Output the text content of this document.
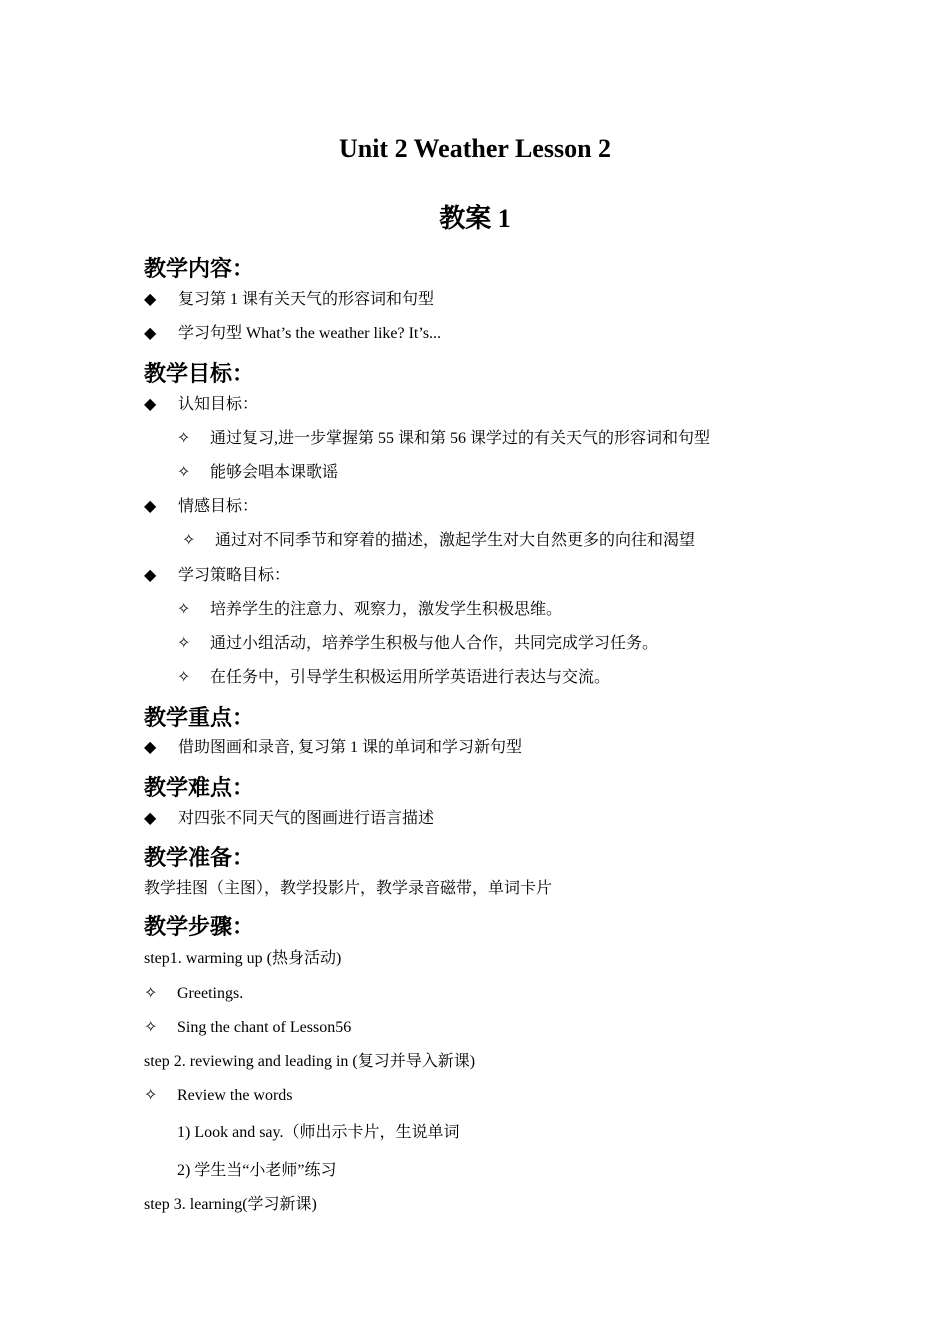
Unit 2 Weather Lesson 2
教案 1
教学内容：
◆ 复习第 1 课有关天气的形容词和句型
◆ 学习句型 What’s the weather like? It’s...
教学目标：
◆ 认知目标：
✧ 通过复习,进一步掌握第 55 课和第 56 课学过的有关天气的形容词和句型
✧ 能够会唱本课歌谣
◆ 情感目标：
✧ 通过对不同季节和穿着的描述，激起学生对大自然更多的向往和渴望
◆ 学习策略目标：
✧ 培养学生的注意力、观察力，激发学生积极思维。
✧ 通过小组活动，培养学生积极与他人合作，共同完成学习任务。
✧ 在任务中，引导学生积极运用所学英语进行表达与交流。
教学重点：
◆ 借助图画和录音, 复习第 1 课的单词和学习新句型
教学难点：
◆ 对四张不同天气的图画进行语言描述
教学准备：
教学挂图（主图），教学投影片，教学录音磁带，单词卡片
教学步骤：
step1. warming up (热身活动)
✧ Greetings.
✧ Sing the chant of Lesson56
step 2. reviewing and leading in (复习并导入新课)
✧ Review the words
1) Look and say.（师出示卡片，生说单词
2) 学生当“小老师”练习
step 3. learning(学习新课)
